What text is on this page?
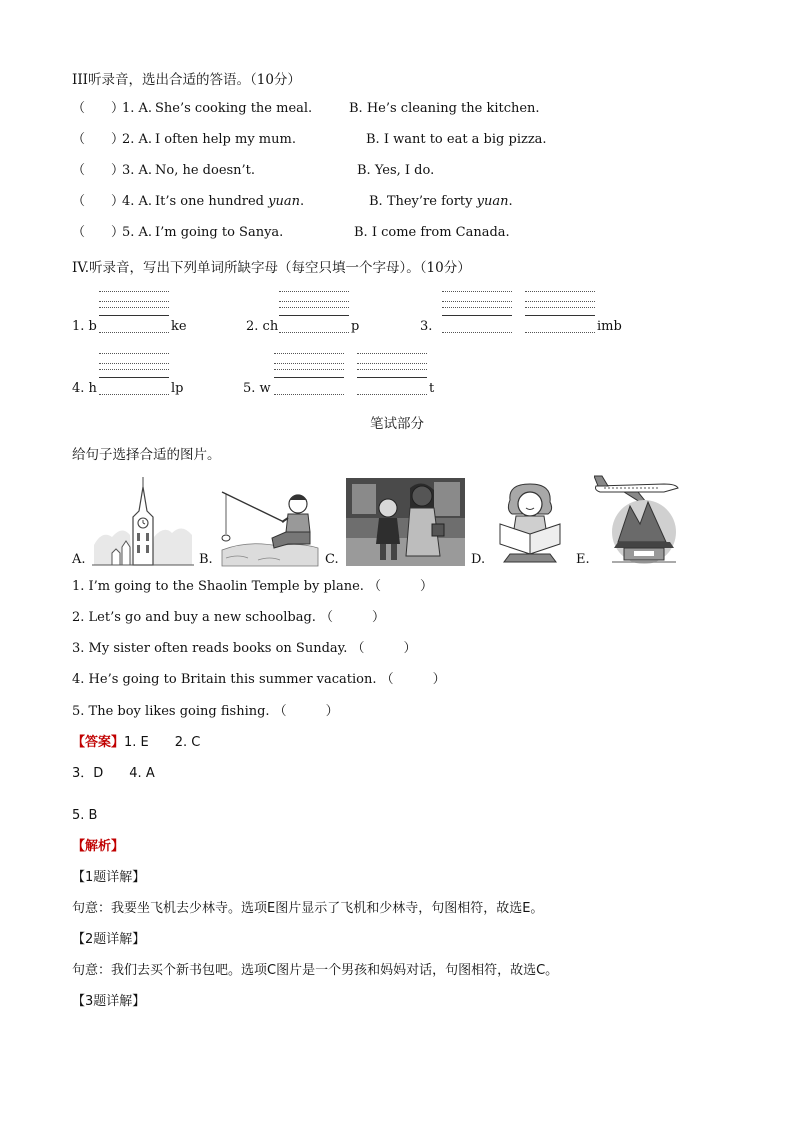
III听录音，选出合适的答语。（10分）
（　　）
1. A. She’s cooking the meal.	B. He’s cleaning the kitchen.
（　　）
2. A. I often help my mum.	B. I want to eat a big pizza.
（　　）
3. A. No, he doesn’t.	B. Yes, I do.
（　　）
4. A. It’s one hundred yuan.	B. They’re forty yuan.
（　　）
5. A. I’m going to Sanya.	B. I come from Canada.
IV.听录音，写出下列单词所缺字母（每空只填一个字母）。（10分）
1. b	ke	2. ch	p	3.	imb
4. h	lp	5. w	t
笔试部分
给句子选择合适的图片。
A.	B.	C.	D.	E.
1. I’m going to the Shaolin Temple by plane. （　　　）
2. Let’s go and buy a new schoolbag. （　　　）
3. My sister often reads books on Sunday. （　　　）
4. He’s going to Britain this summer vacation. （　　　）
5. The boy likes going fishing. （　　　）
【答案】1. E　　2. C
3．D　　4. A
5. B
【解析】
【1题详解】
句意：我要坐飞机去少林寺。选项E图片显示了飞机和少林寺，句图相符，故选E。
【2题详解】
句意：我们去买个新书包吧。选项C图片是一个男孩和妈妈对话，句图相符，故选C。
【3题详解】
